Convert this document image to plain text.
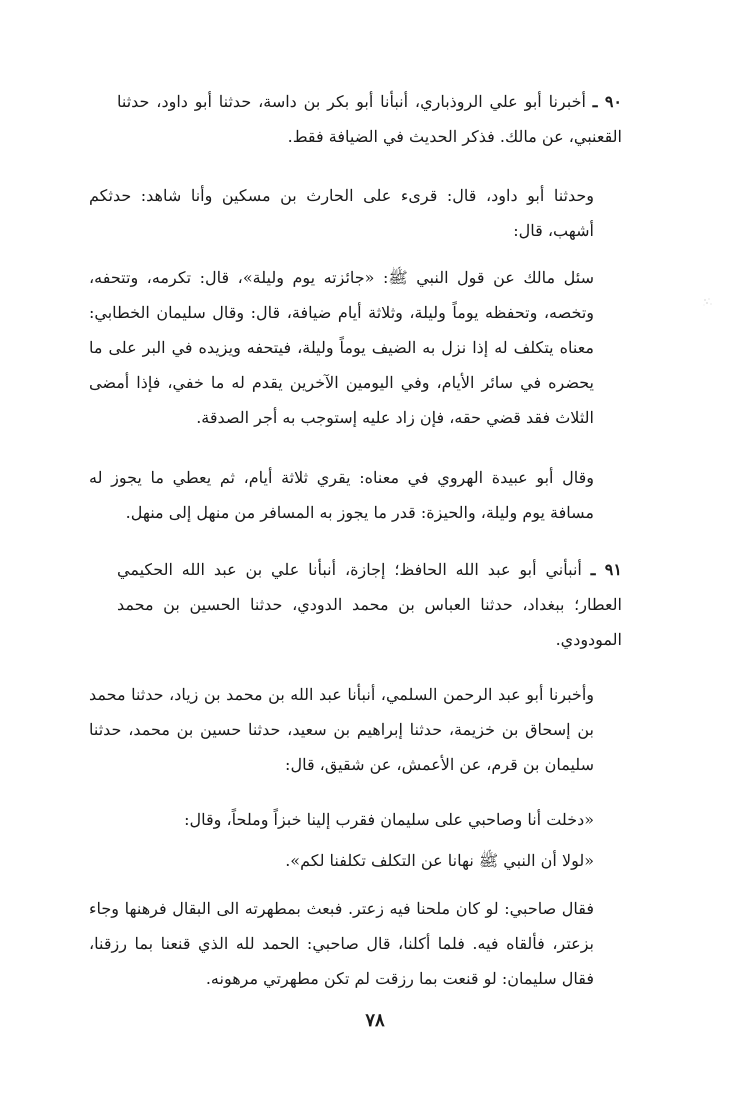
٩٠ ـ أخبرنا أبو علي الروذباري، أنبأنا أبو بكر بن داسة، حدثنا أبو داود، حدثنا القعنبي، عن مالك. فذكر الحديث في الضيافة فقط.

وحدثنا أبو داود، قال: قرىء على الحارث بن مسكين وأنا شاهد: حدثكم أشهب، قال:

سئل مالك عن قول النبي ﷺ: «جائزته يوم وليلة»، قال: تكرمه، وتتحفه، وتخصه، وتحفظه يوماً وليلة، وثلاثة أيام ضيافة، قال: وقال سليمان الخطابي: معناه يتكلف له إذا نزل به الضيف يوماً وليلة، فيتحفه ويزيده في البر على ما يحضره في سائر الأيام، وفي اليومين الآخرين يقدم له ما خفي، فإذا أمضى الثلاث فقد قضي حقه، فإن زاد عليه إستوجب به أجر الصدقة.

وقال أبو عبيدة الهروي في معناه: يقري ثلاثة أيام، ثم يعطي ما يجوز له مسافة يوم وليلة، والحيزة: قدر ما يجوز به المسافر من منهل إلى منهل.

٩١ ـ أنبأني أبو عبد الله الحافظ؛ إجازة، أنبأنا علي بن عبد الله الحكيمي العطار؛ ببغداد، حدثنا العباس بن محمد الدودي، حدثنا الحسين بن محمد المودودي.

وأخبرنا أبو عبد الرحمن السلمي، أنبأنا عبد الله بن محمد بن زياد، حدثنا محمد بن إسحاق بن خزيمة، حدثنا إبراهيم بن سعيد، حدثنا حسين بن محمد، حدثنا سليمان بن قرم، عن الأعمش، عن شقيق، قال:

«دخلت أنا وصاحبي على سليمان فقرب إلينا خبزاً وملحاً، وقال:

«لولا أن النبي ﷺ نهانا عن التكلف تكلفنا لكم».

فقال صاحبي: لو كان ملحنا فيه زعتر. فبعث بمطهرته الى البقال فرهنها وجاء بزعتر، فألقاه فيه. فلما أكلنا، قال صاحبي: الحمد لله الذي قنعنا بما رزقنا، فقال سليمان: لو قنعت بما رزقت لم تكن مطهرتي مرهونه.

٧٨
